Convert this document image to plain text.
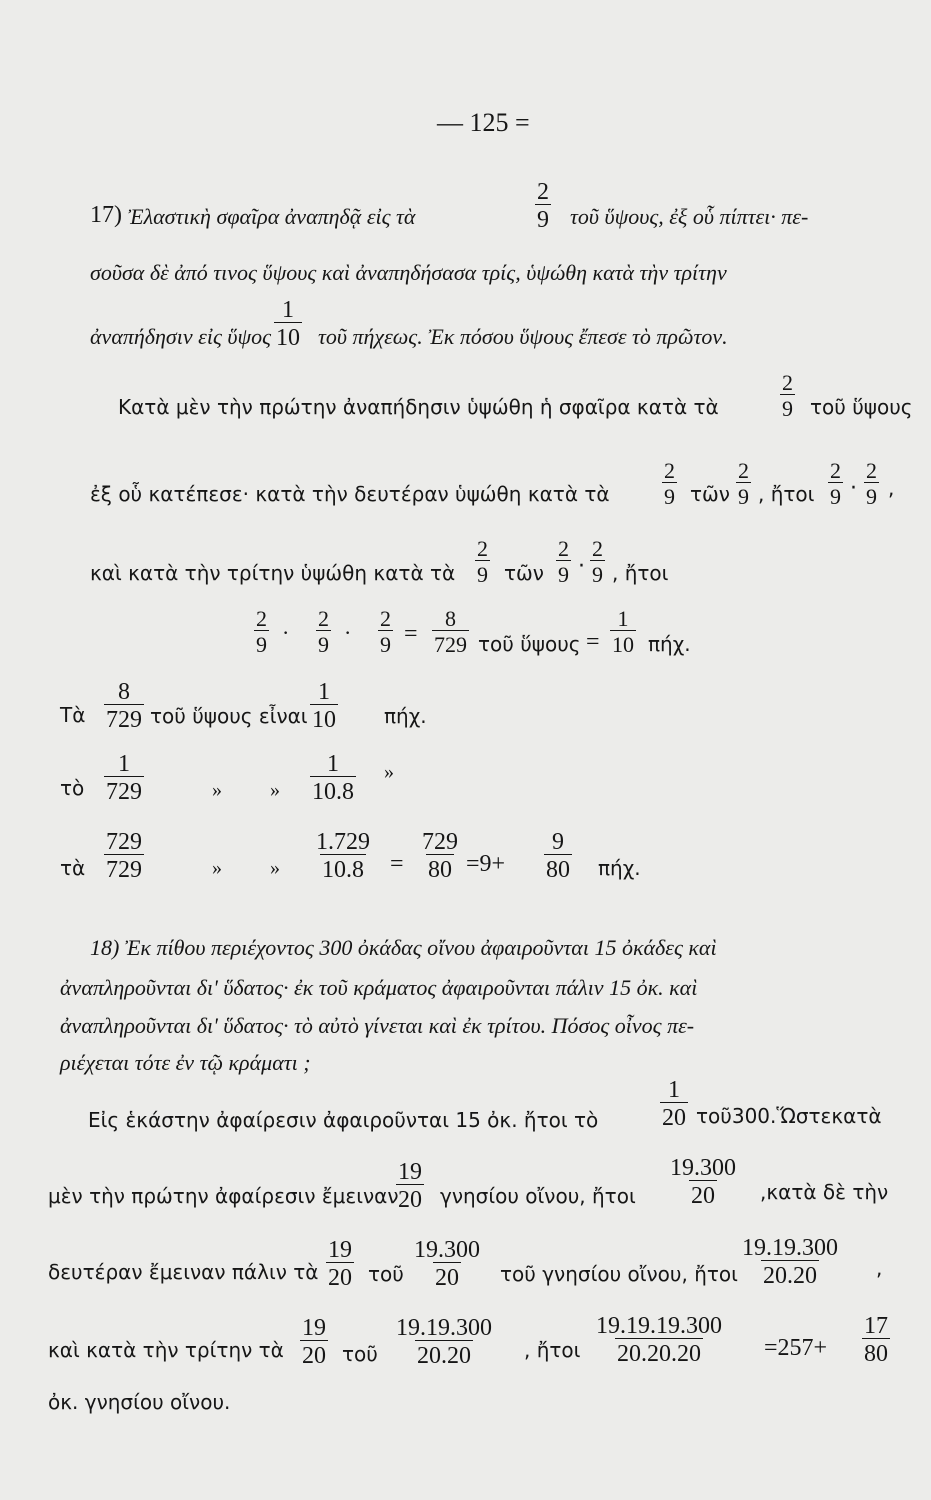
— 125 =
17) Ἐλαστικὴ σφαῖρα ἀναπηδᾷ εἰς τὰ
2
9 τοῦ ὕψους, ἐξ οὗ πίπτει· πε-
σοῦσα δὲ ἀπό τινος ὕψους καὶ ἀναπηδήσασα τρίς, ὑψώθη κατὰ τὴν τρίτην
ἀναπήδησιν εἰς ὕψος
1
10 τοῦ πήχεως. Ἐκ πόσου ὕψους ἔπεσε τὸ πρῶτον.
Κατὰ μὲν τὴν πρώτην ἀναπήδησιν ὑψώθη ἡ σφαῖρα κατὰ τὰ
2
9 τοῦ ὕψους
ἐξ οὗ κατέπεσε· κατὰ τὴν δευτέραν ὑψώθη κατὰ τὰ
2
9 τῶν
2
9 , ἤτοι
2
9 ·
2
9 ,
καὶ κατὰ τὴν τρίτην ὑψώθη κατὰ τὰ
2
9 τῶν
2
9 ·
2
9 , ἤτοι
2
9 ·
2
9 ·
2
9 =
8
729 τοῦ ὕψους =
1
10 πήχ.
Τὰ
8
729 τοῦ ὕψους εἶναι
1
10 πήχ.
τὸ
1
729	» »
1
10.8
»
τὰ
729
729	» »
1.729
10.8 =
729
80 =9+
9
80 πήχ.
18) Ἐκ πίθου περιέχοντος 300 ὀκάδας οἴνου ἀφαιροῦνται 15 ὀκάδες καὶ
ἀναπληροῦνται δι' ὕδατος· ἐκ τοῦ κράματος ἀφαιροῦνται πάλιν 15 ὀκ. καὶ
ἀναπληροῦνται δι' ὕδατος· τὸ αὐτὸ γίνεται καὶ ἐκ τρίτου. Πόσος οἶνος πε-
ριέχεται τότε ἐν τῷ κράματι ;
Εἰς ἑκάστην ἀφαίρεσιν ἀφαιροῦνται 15 ὀκ. ἤτοι τὸ
1
20 τοῦ300.Ὥστεκατὰ
μὲν τὴν πρώτην ἀφαίρεσιν ἔμειναν
19
20 γνησίου οἴνου, ἤτοι
19.300
20 ,κατὰ δὲ τὴν
δευτέραν ἔμειναν πάλιν τὰ
19
20 τοῦ
19.300
20 τοῦ γνησίου οἴνου, ἤτοι
19.19.300
20.20	,
καὶ κατὰ τὴν τρίτην τὰ
19
20 τοῦ
19.19.300
20.20	, ἤτοι
19.19.19.300
20.20.20	=257+
17
80
ὀκ. γνησίου οἴνου.
